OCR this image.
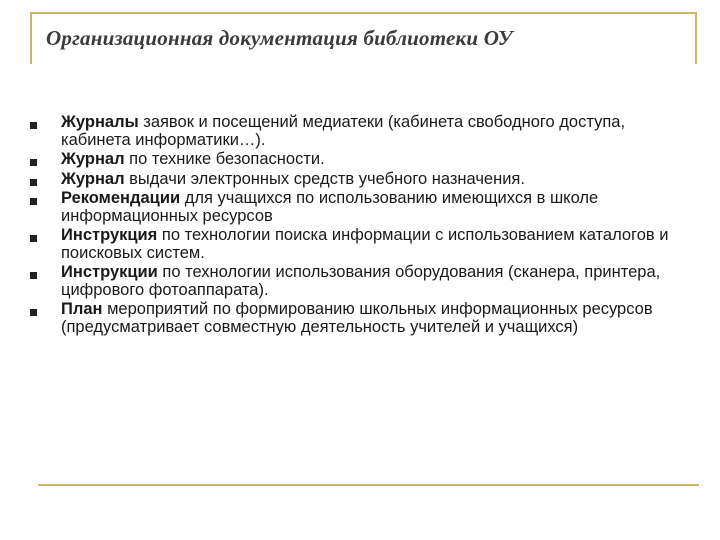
Организационная документация библиотеки ОУ
Журналы заявок и посещений медиатеки (кабинета свободного доступа, кабинета информатики…).
Журнал по технике безопасности.
Журнал выдачи электронных средств учебного назначения.
Рекомендации для учащихся по использованию имеющихся в школе информационных ресурсов
Инструкция по технологии поиска информации с использованием каталогов и поисковых систем.
Инструкции по технологии использования оборудования (сканера, принтера, цифрового фотоаппарата).
План мероприятий по формированию школьных информационных ресурсов (предусматривает совместную деятельность учителей и учащихся)
